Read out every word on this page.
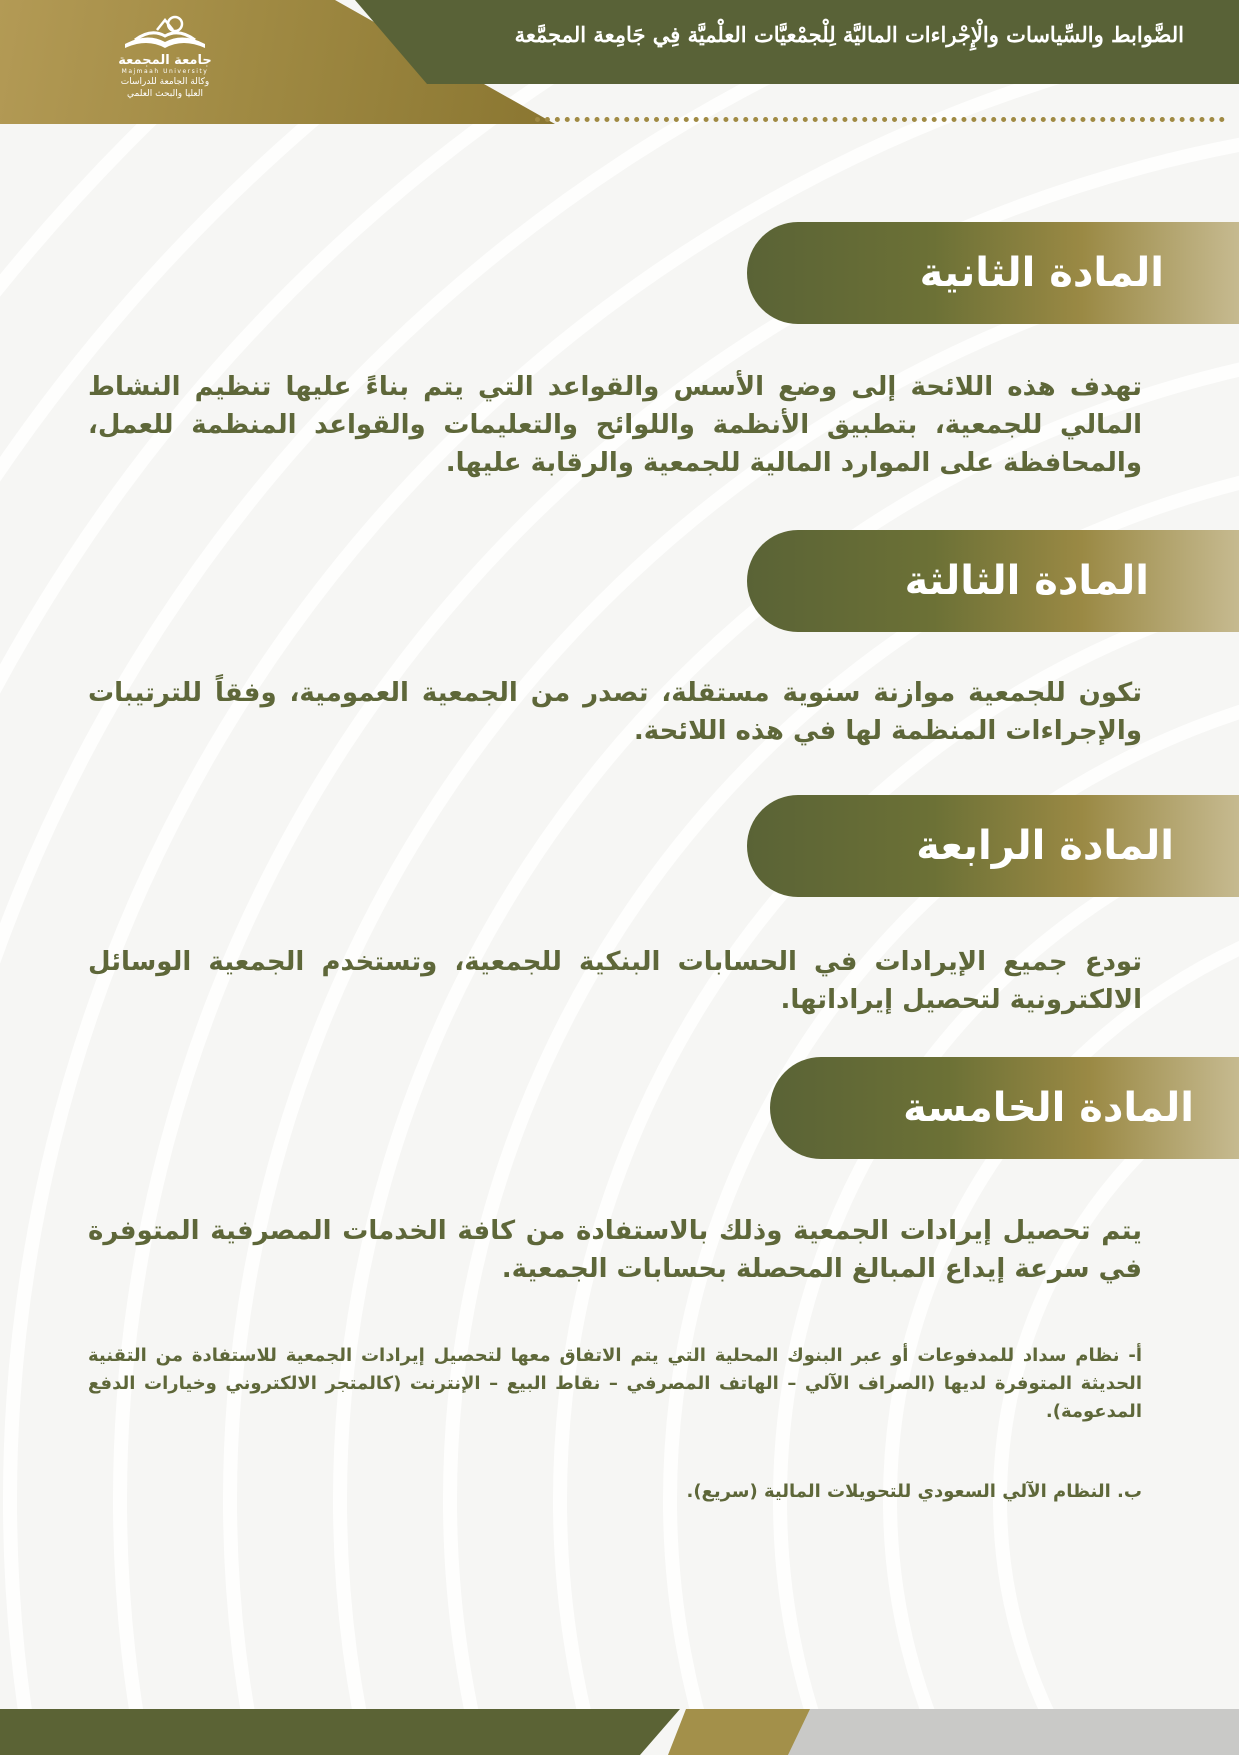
الضَّوابط والسِّياسات والْإِجْراءات الماليَّة لِلْجمْعيَّات العلْميَّة فِي جَامِعة المجمَّعة
جامعة المجمعة
Majmaah University
وكالة الجامعة للدراسات
العليا والبحث العلمي
المادة الثانية
تهدف هذه اللائحة إلى وضع الأسس والقواعد التي يتم بناءً عليها تنظيم النشاط المالي للجمعية، بتطبيق الأنظمة واللوائح والتعليمات والقواعد المنظمة للعمل، والمحافظة على الموارد المالية للجمعية والرقابة عليها.
المادة الثالثة
تكون للجمعية موازنة سنوية مستقلة، تصدر من الجمعية العمومية، وفقاً للترتيبات والإجراءات المنظمة لها في هذه اللائحة.
المادة الرابعة
تودع جميع الإيرادات في الحسابات البنكية للجمعية، وتستخدم الجمعية الوسائل الالكترونية لتحصيل إيراداتها.
المادة الخامسة
يتم تحصيل إيرادات الجمعية وذلك بالاستفادة من كافة الخدمات المصرفية المتوفرة في سرعة إيداع المبالغ المحصلة بحسابات الجمعية.
أ- نظام سداد للمدفوعات أو عبر البنوك المحلية التي يتم الاتفاق معها لتحصيل إيرادات الجمعية للاستفادة من التقنية الحديثة المتوفرة لديها (الصراف الآلي – الهاتف المصرفي – نقاط البيع – الإنترنت (كالمتجر الالكتروني وخيارات الدفع المدعومة).
ب. النظام الآلي السعودي للتحويلات المالية (سريع).
